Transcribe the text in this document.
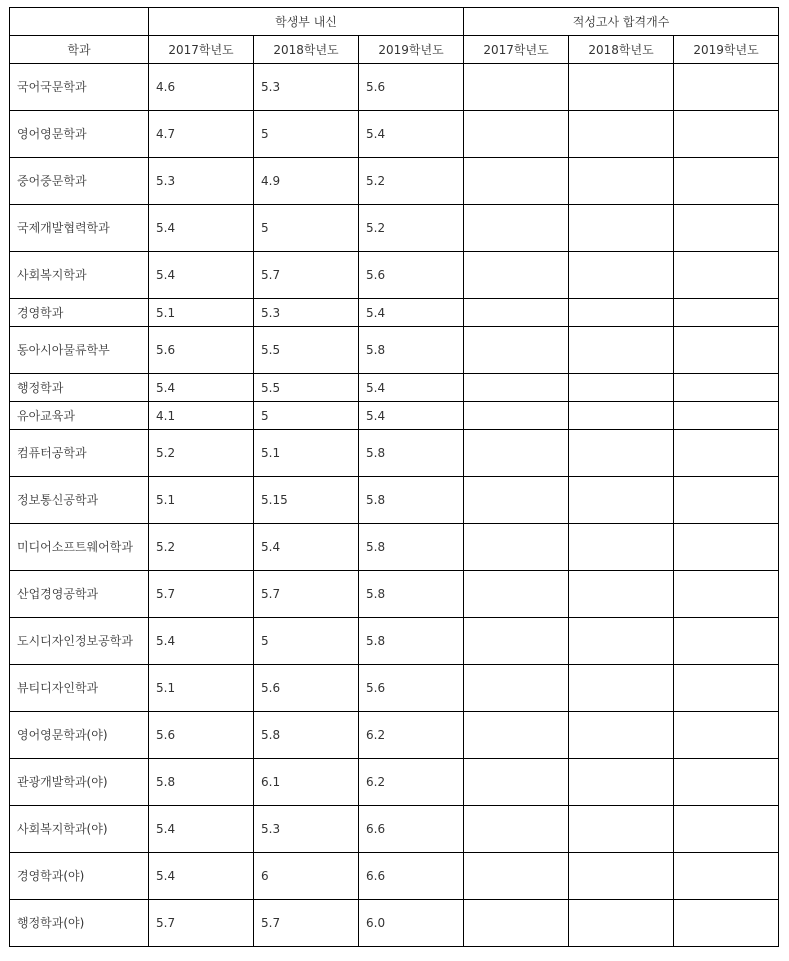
	학생부 내신			적성고사 합격개수		
학과	2017학년도	2018학년도	2019학년도	2017학년도	2018학년도	2019학년도
국어국문학과	4.6	5.3	5.6			
영어영문학과	4.7	5	5.4			
중어중문학과	5.3	4.9	5.2			
국제개발협력학과	5.4	5	5.2			
사회복지학과	5.4	5.7	5.6			
경영학과	5.1	5.3	5.4			
동아시아물류학부	5.6	5.5	5.8			
행정학과	5.4	5.5	5.4			
유아교육과	4.1	5	5.4			
컴퓨터공학과	5.2	5.1	5.8			
정보통신공학과	5.1	5.15	5.8			
미디어소프트웨어학과	5.2	5.4	5.8			
산업경영공학과	5.7	5.7	5.8			
도시디자인정보공학과	5.4	5	5.8			
뷰티디자인학과	5.1	5.6	5.6			
영어영문학과(야)	5.6	5.8	6.2			
관광개발학과(야)	5.8	6.1	6.2			
사회복지학과(야)	5.4	5.3	6.6			
경영학과(야)	5.4	6	6.6			
행정학과(야)	5.7	5.7	6.0			
